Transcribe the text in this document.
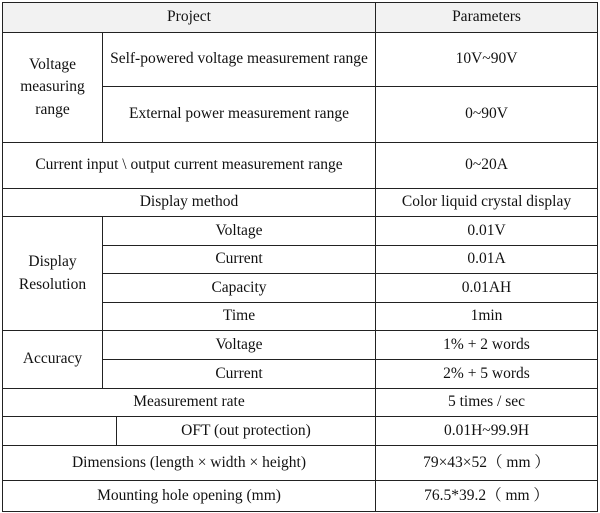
Project			Parameters
Voltage measuring range	Self-powered voltage measurement range		10V~90V
	External power measurement range		0~90V
Current input \ output current measurement range			0~20A
Display method			Color liquid crystal display
Display Resolution	Voltage		0.01V
	Current		0.01A
	Capacity		0.01AH
	Time		1min
Accuracy	Voltage		1% + 2 words
	Current		2% + 5 words
Measurement rate			5 times / sec
		OFT (out protection)	0.01H~99.9H
Dimensions (length × width × height)			79×43×52（ mm ）
Mounting hole opening (mm)			76.5*39.2（ mm ）
